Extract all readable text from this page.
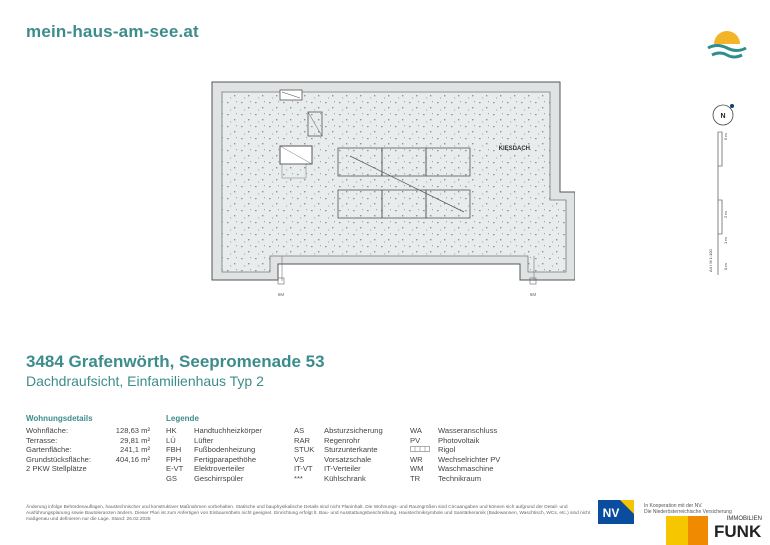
mein-haus-am-see.at
KIESDACH
6M	6M
N
5 m
2 m
1 m
0 m
A4 / M 1:100
3484 Grafenwörth, Seepromenade 53
Dachdraufsicht, Einfamilienhaus Typ 2
Wohnungsdetails
Wohnfläche:	128,63 m²
Terrasse:	29,81 m²
Gartenfläche:	241,1 m²
Grundstücksfläche:	404,16 m²
2 PKW Stellplätze
Legende
HK	Handtuchheizkörper
LÜ	Lüfter
FBH	Fußbodenheizung
FPH	Fertigparapethöhe
E-VT	Elektroverteiler
GS	Geschirrspüler
AS	Absturzsicherung
RAR	Regenrohr
STUK	Sturzunterkante
VS	Vorsatzschale
IT-VT	IT-Verteiler
***	Kühlschrank
WA	Wasseranschluss
PV	Photovoltaik
Rigol
WR	Wechselrichter PV
WM	Waschmaschine
TR	Technikraum
Änderung infolge Behördenauflagen, haustechnischer und konstruktiver Maßnahmen vorbehalten. Statische und bauphysikalische Details sind nicht Planinhalt. Die Wohnungs- und Raumgrößen sind Circaangaben und können sich aufgrund der Detail- und Ausführungsplanung sowie Bautoleranzen ändern. Dieser Plan ist zum Anfertigen von Einbaumöbeln nicht geeignet. Einrichtung erfolgt lt. Bau- und Ausstattungsbeschreibung. Haustechniksymbole und Sanitärkeramik (Badewannen, Waschtisch, WCs, etc.) sind nicht maßgenau und definieren nur die Lage. Stand: 26.02.2025	NV	In Kooperation mit der NV.
Die Niederösterreichische Versicherung
IMMOBILIEN
FUNK
